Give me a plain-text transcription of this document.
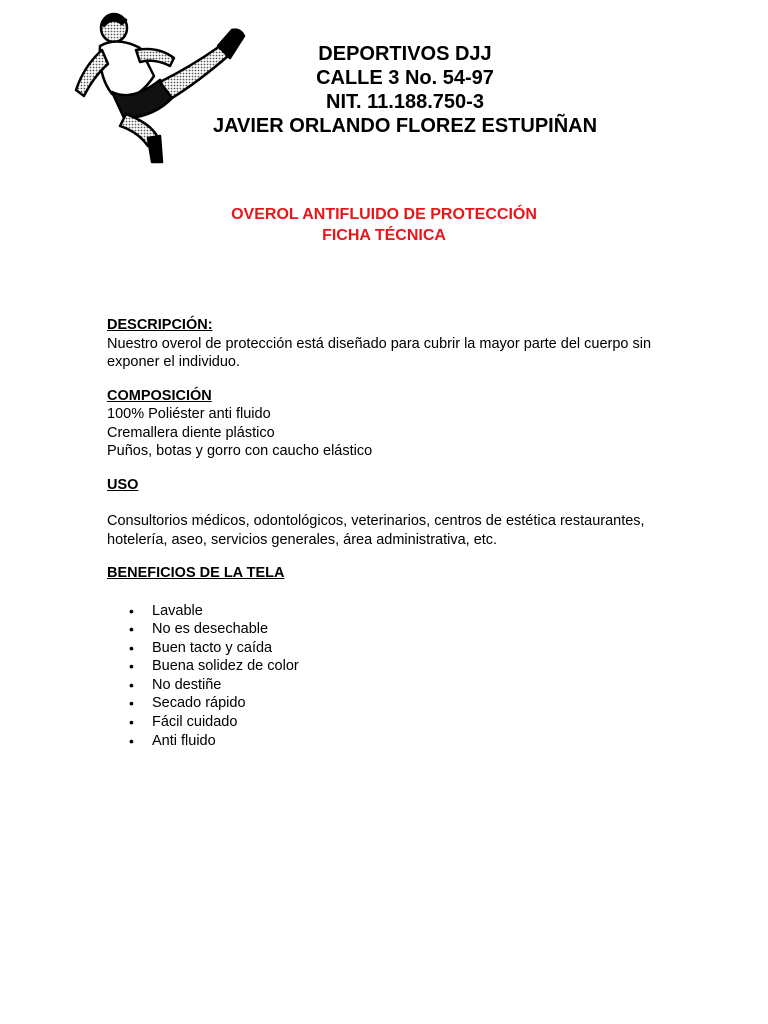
DEPORTIVOS DJJ
CALLE 3 No. 54-97
NIT. 11.188.750-3
JAVIER ORLANDO FLOREZ ESTUPIÑAN
OVEROL ANTIFLUIDO DE PROTECCIÓN
FICHA TÉCNICA
DESCRIPCIÓN:
Nuestro overol de protección está diseñado para cubrir la mayor parte del cuerpo sin
exponer el individuo.
COMPOSICIÓN
100% Poliéster anti fluido
Cremallera diente plástico
Puños, botas y gorro con caucho elástico
USO
Consultorios médicos, odontológicos, veterinarios, centros de estética restaurantes,
hotelería, aseo, servicios generales, área administrativa, etc.
BENEFICIOS DE LA TELA
• Lavable
• No es desechable
• Buen tacto y caída
• Buena solidez de color
• No destiñe
• Secado rápido
• Fácil cuidado
• Anti fluido
